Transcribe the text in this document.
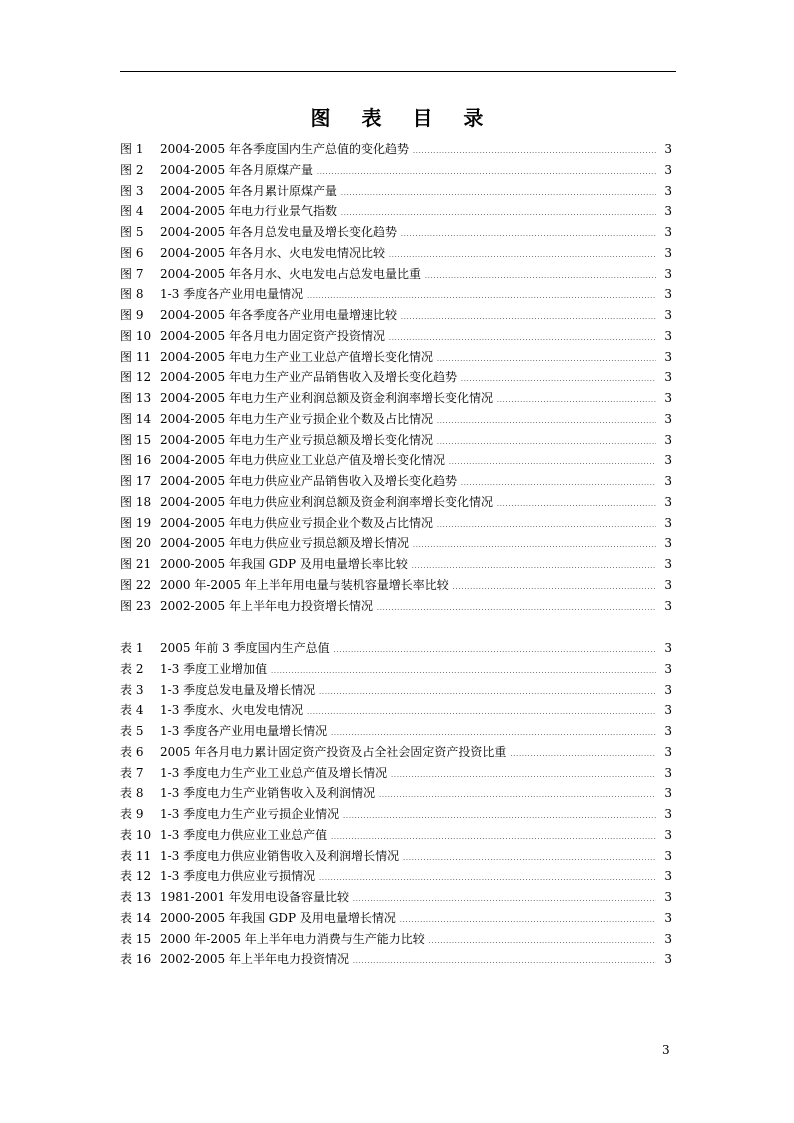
图 表 目 录
图 1	2004-2005 年各季度国内生产总值的变化趋势 .....	3
图 2	2004-2005 年各月原煤产量 .....	3
图 3	2004-2005 年各月累计原煤产量 .....	3
图 4	2004-2005 年电力行业景气指数 .....	3
图 5	2004-2005 年各月总发电量及增长变化趋势 .....	3
图 6	2004-2005 年各月水、火电发电情况比较 .....	3
图 7	2004-2005 年各月水、火电发电占总发电量比重 .....	3
图 8	1-3 季度各产业用电量情况 .....	3
图 9	2004-2005 年各季度各产业用电量增速比较 .....	3
图 10 2004-2005 年各月电力固定资产投资情况 .....	3
图 11 2004-2005 年电力生产业工业总产值增长变化情况 .....	3
图 12 2004-2005 年电力生产业产品销售收入及增长变化趋势 .....	3
图 13 2004-2005 年电力生产业利润总额及资金利润率增长变化情况 .....	3
图 14 2004-2005 年电力生产业亏损企业个数及占比情况 .....	3
图 15 2004-2005 年电力生产业亏损总额及增长变化情况 .....	3
图 16 2004-2005 年电力供应业工业总产值及增长变化情况 .....	3
图 17 2004-2005 年电力供应业产品销售收入及增长变化趋势 .....	3
图 18 2004-2005 年电力供应业利润总额及资金利润率增长变化情况 .....	3
图 19 2004-2005 年电力供应业亏损企业个数及占比情况 .....	3
图 20 2004-2005 年电力供应业亏损总额及增长情况 .....	3
图 21 2000-2005 年我国 GDP 及用电量增长率比较 .....	3
图 22 2000 年-2005 年上半年用电量与装机容量增长率比较 .....	3
图 23 2002-2005 年上半年电力投资增长情况 .....	3
表 1	2005 年前 3 季度国内生产总值 .....	3
表 2	1-3 季度工业增加值 .....	3
表 3	1-3 季度总发电量及增长情况 .....	3
表 4	1-3 季度水、火电发电情况 .....	3
表 5	1-3 季度各产业用电量增长情况 .....	3
表 6	2005 年各月电力累计固定资产投资及占全社会固定资产投资比重 .....	3
表 7	1-3 季度电力生产业工业总产值及增长情况 .....	3
表 8	1-3 季度电力生产业销售收入及利润情况 .....	3
表 9	1-3 季度电力生产业亏损企业情况 .....	3
表 10 1-3 季度电力供应业工业总产值 .....	3
表 11 1-3 季度电力供应业销售收入及利润增长情况 .....	3
表 12 1-3 季度电力供应业亏损情况 .....	3
表 13 1981-2001 年发用电设备容量比较 .....	3
表 14 2000-2005 年我国 GDP 及用电量增长情况 .....	3
表 15 2000 年-2005 年上半年电力消费与生产能力比较 .....	3
表 16 2002-2005 年上半年电力投资情况 .....	3
3
